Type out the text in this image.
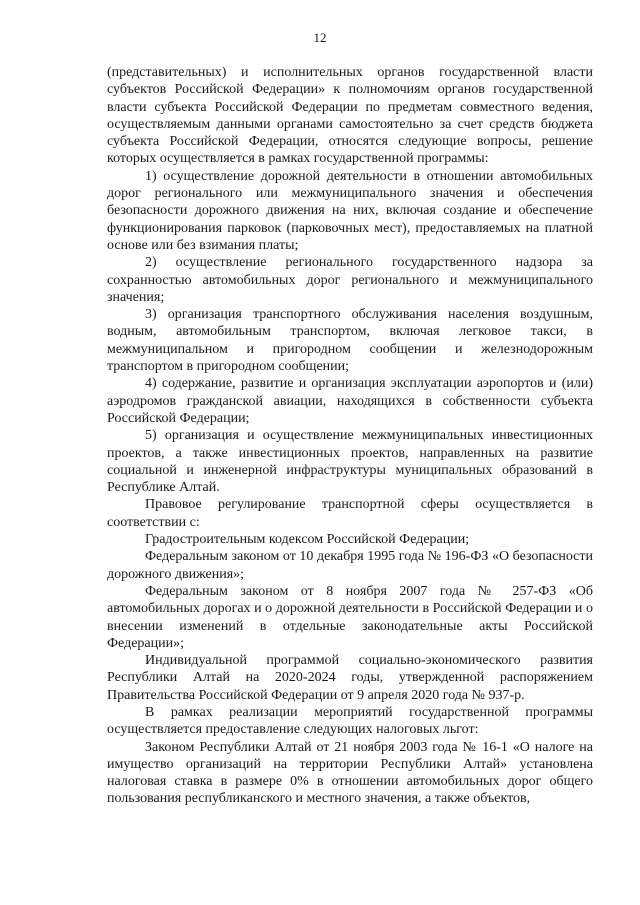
12

(представительных) и исполнительных органов государственной власти субъектов Российской Федерации» к полномочиям органов государственной власти субъекта Российской Федерации по предметам совместного ведения, осуществляемым данными органами самостоятельно за счет средств бюджета субъекта Российской Федерации, относятся следующие вопросы, решение которых осуществляется в рамках государственной программы:

1) осуществление дорожной деятельности в отношении автомобильных дорог регионального или межмуниципального значения и обеспечения безопасности дорожного движения на них, включая создание и обеспечение функционирования парковок (парковочных мест), предоставляемых на платной основе или без взимания платы;

2) осуществление регионального государственного надзора за сохранностью автомобильных дорог регионального и межмуниципального значения;

3) организация транспортного обслуживания населения воздушным, водным, автомобильным транспортом, включая легковое такси, в межмуниципальном и пригородном сообщении и железнодорожным транспортом в пригородном сообщении;

4) содержание, развитие и организация эксплуатации аэропортов и (или) аэродромов гражданской авиации, находящихся в собственности субъекта Российской Федерации;

5) организация и осуществление межмуниципальных инвестиционных проектов, а также инвестиционных проектов, направленных на развитие социальной и инженерной инфраструктуры муниципальных образований в Республике Алтай.

Правовое регулирование транспортной сферы осуществляется в соответствии с:

Градостроительным кодексом Российской Федерации;

Федеральным законом от 10 декабря 1995 года № 196-ФЗ «О безопасности дорожного движения»;

Федеральным законом от 8 ноября 2007 года № 257-ФЗ «Об автомобильных дорогах и о дорожной деятельности в Российской Федерации и о внесении изменений в отдельные законодательные акты Российской Федерации»;

Индивидуальной программой социально-экономического развития Республики Алтай на 2020-2024 годы, утвержденной распоряжением Правительства Российской Федерации от 9 апреля 2020 года № 937-р.

В рамках реализации мероприятий государственной программы осуществляется предоставление следующих налоговых льгот:

Законом Республики Алтай от 21 ноября 2003 года № 16-1 «О налоге на имущество организаций на территории Республики Алтай» установлена налоговая ставка в размере 0% в отношении автомобильных дорог общего пользования республиканского и местного значения, а также объектов,
